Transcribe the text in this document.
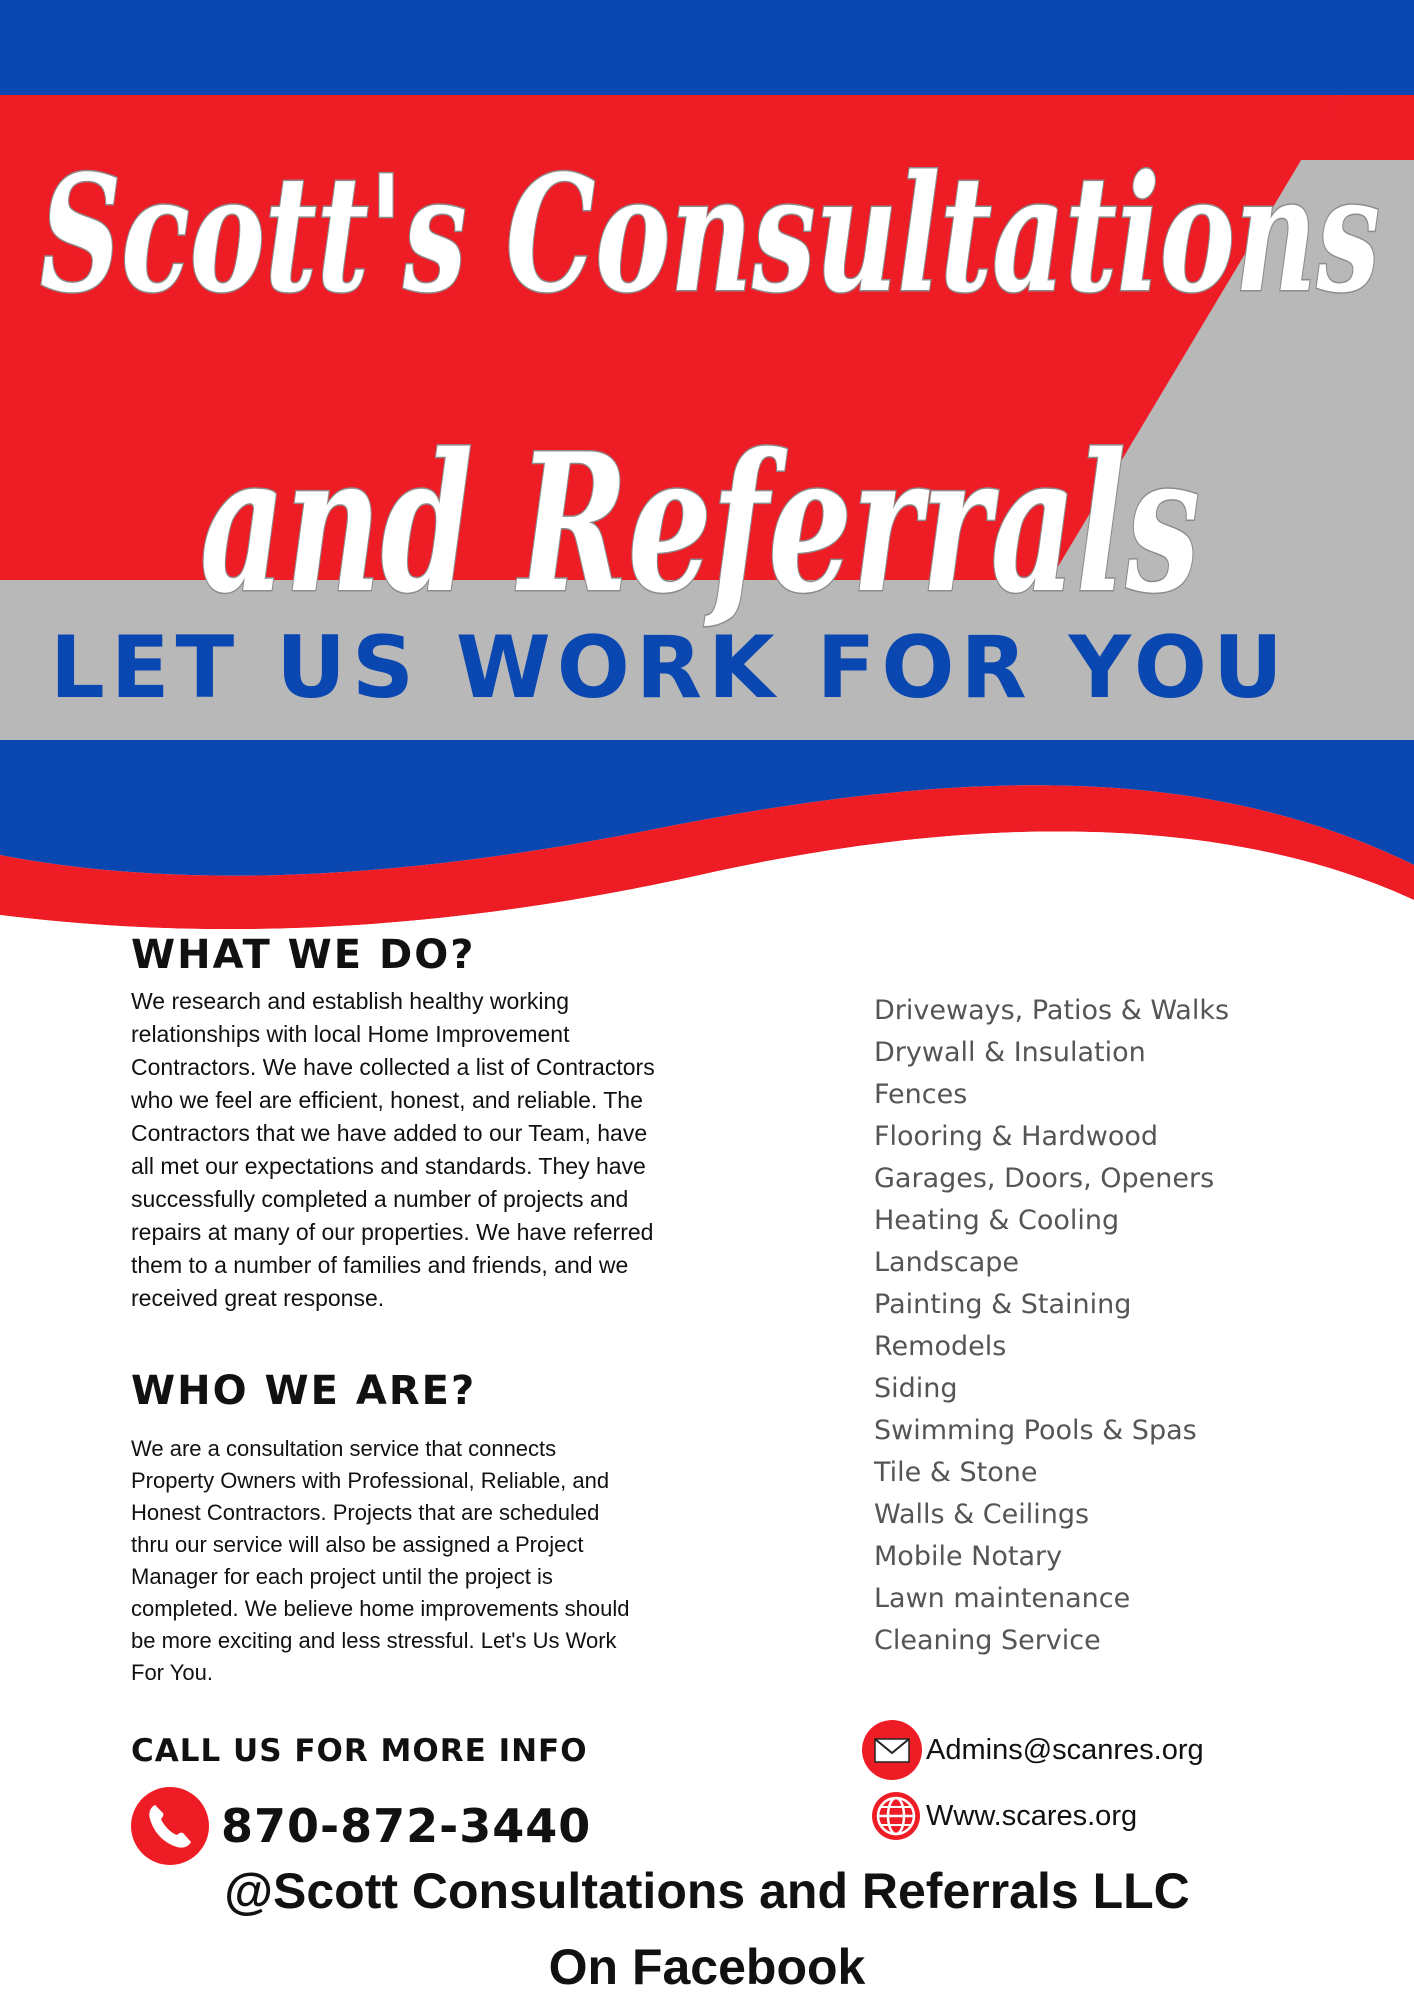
Scott's Consultations
and Referrals
LET US WORK FOR YOU
WHAT WE DO?

We research and establish healthy working relationships with local Home Improvement Contractors. We have collected a list of Contractors who we feel are efficient, honest, and reliable. The Contractors that we have added to our Team, have all met our expectations and standards. They have successfully completed a number of projects and repairs at many of our properties. We have referred them to a number of families and friends, and we received great response.

WHO WE ARE?

We are a consultation service that connects Property Owners with Professional, Reliable, and Honest Contractors. Projects that are scheduled thru our service will also be assigned a Project Manager for each project until the project is completed. We believe home improvements should be more exciting and less stressful. Let's Us Work For You.

Driveways, Patios & Walks
Drywall & Insulation
Fences
Flooring & Hardwood
Garages, Doors, Openers
Heating & Cooling
Landscape
Painting & Staining
Remodels
Siding
Swimming Pools & Spas
Tile & Stone
Walls & Ceilings
Mobile Notary
Lawn maintenance
Cleaning Service
CALL US FOR MORE INFO
870-872-3440
Admins@scanres.org
Www.scares.org
@Scott Consultations and Referrals LLC
On Facebook
